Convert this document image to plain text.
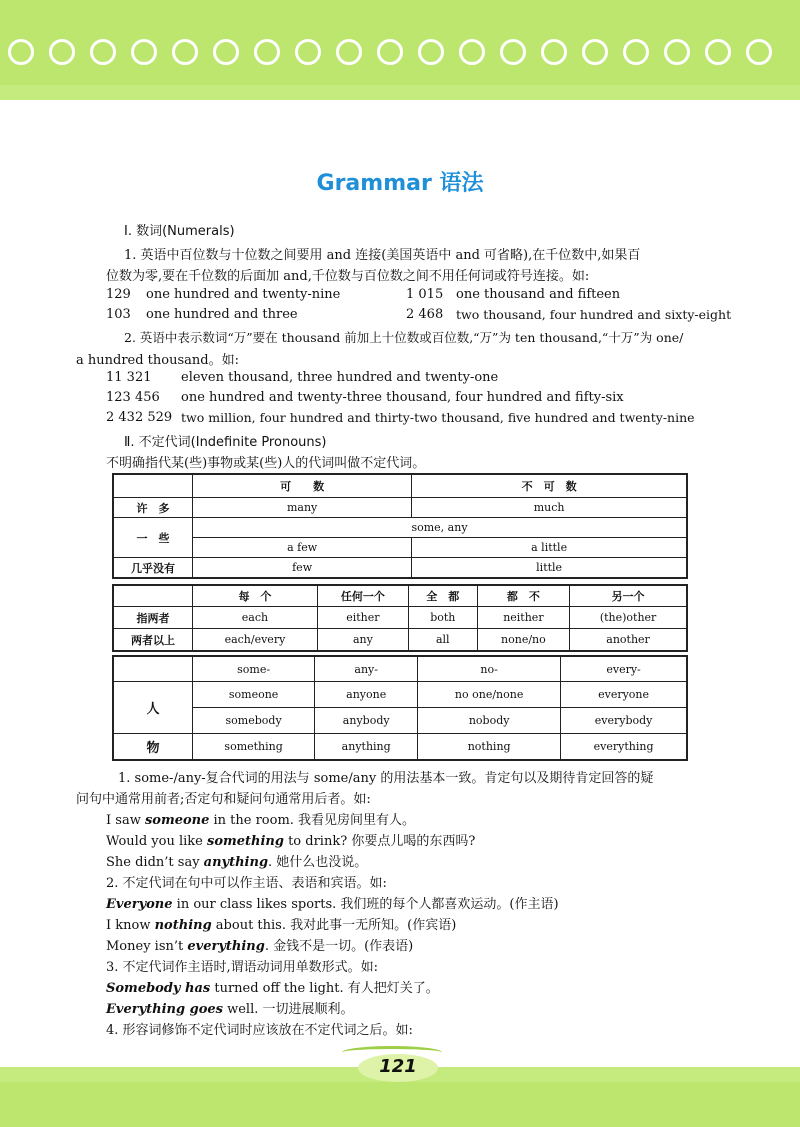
Grammar 语法
Ⅰ. 数词(Numerals)
1. 英语中百位数与十位数之间要用 and 连接(美国英语中 and 可省略),在千位数中,如果百
位数为零,要在千位数的后面加 and,千位数与百位数之间不用任何词或符号连接。如:
129 one hundred and twenty-nine	1 015 one thousand and fifteen
103 one hundred and three	2 468 two thousand, four hundred and sixty-eight
2. 英语中表示数词“万”要在 thousand 前加上十位数或百位数,“万”为 ten thousand,“十万”为 one/
a hundred thousand。如:
11 321 eleven thousand, three hundred and twenty-one
123 456 one hundred and twenty-three thousand, four hundred and fifty-six
2 432 529 two million, four hundred and thirty-two thousand, five hundred and twenty-nine
Ⅱ. 不定代词(Indefinite Pronouns)
不明确指代某(些)事物或某(些)人的代词叫做不定代词。
	可　　数	不　可　数
许　多	many	much
一　些	some, any	
	a few	a little
几乎没有	few	little
	每　个	任何一个	全　都	都　不	另一个
指两者	each	either	both	neither	(the)other
两者以上	each/every	any	all	none/no	another
	some-	any-	no-	every-
人	someone	anyone	no one/none	everyone
	somebody	anybody	nobody	everybody
物	something	anything	nothing	everything
1. some-/any-复合代词的用法与 some/any 的用法基本一致。肯定句以及期待肯定回答的疑
问句中通常用前者;否定句和疑问句通常用后者。如:
I saw someone in the room. 我看见房间里有人。
Would you like something to drink? 你要点儿喝的东西吗?
She didn’t say anything. 她什么也没说。
2. 不定代词在句中可以作主语、表语和宾语。如:
Everyone in our class likes sports. 我们班的每个人都喜欢运动。(作主语)
I know nothing about this. 我对此事一无所知。(作宾语)
Money isn’t everything. 金钱不是一切。(作表语)
3. 不定代词作主语时,谓语动词用单数形式。如:
Somebody has turned off the light. 有人把灯关了。
Everything goes well. 一切进展顺利。
4. 形容词修饰不定代词时应该放在不定代词之后。如:
121
